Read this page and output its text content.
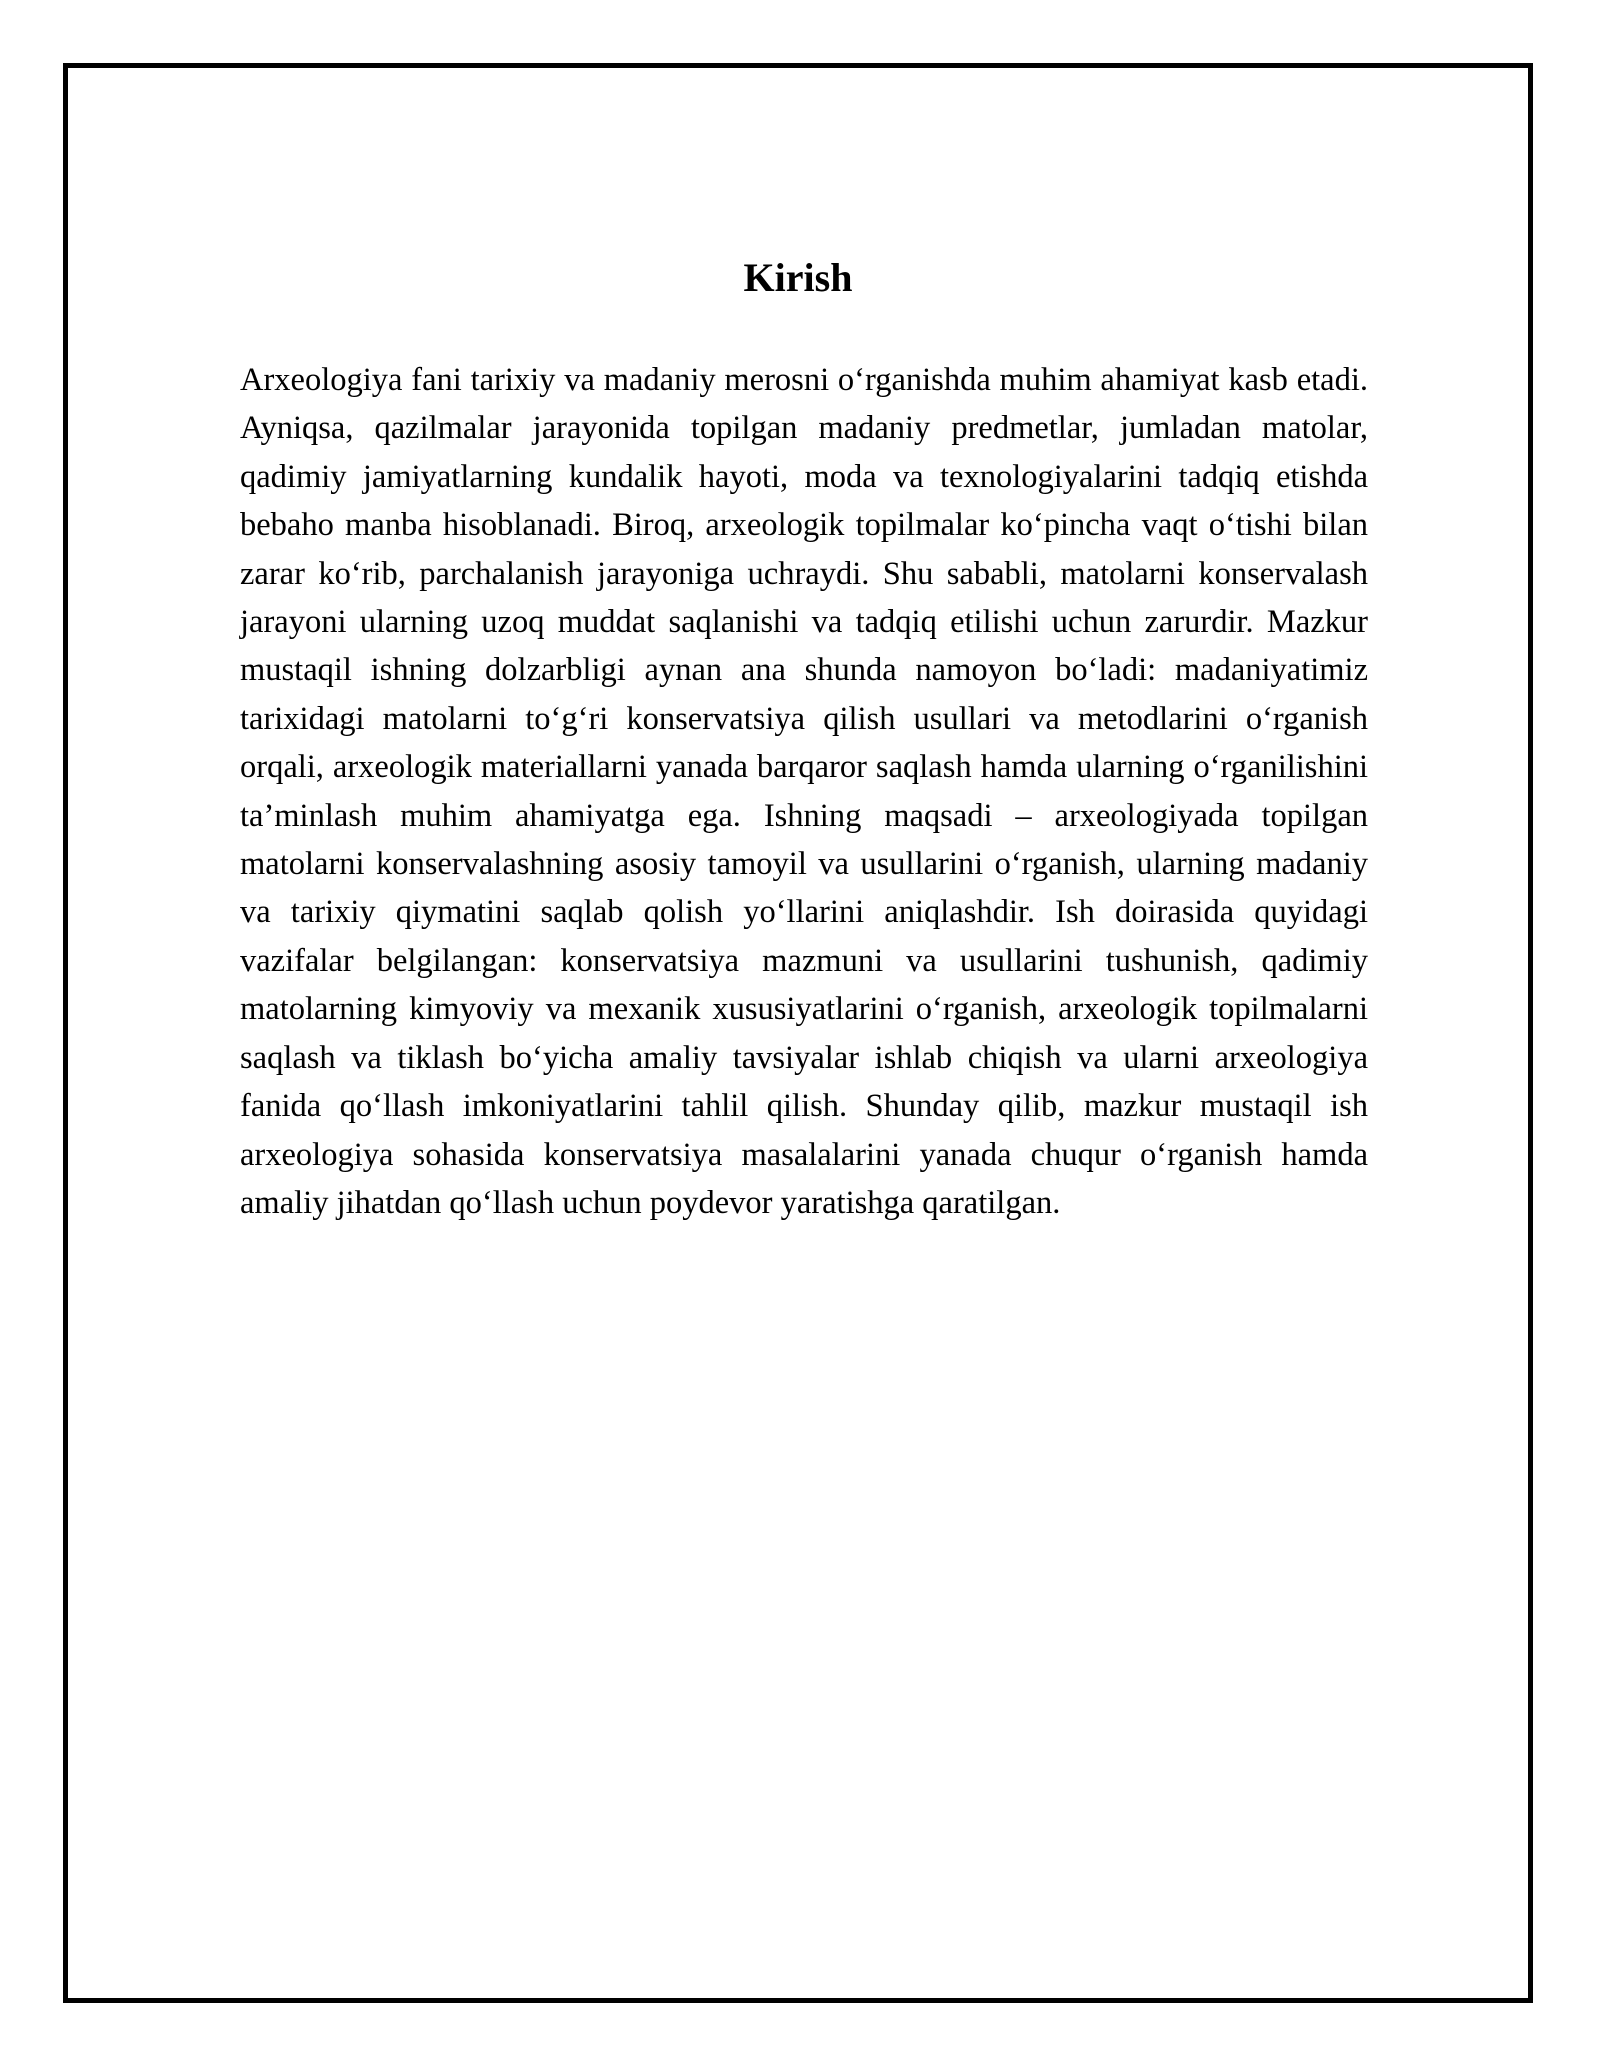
Kirish

Arxeologiya fani tarixiy va madaniy merosni o‘rganishda muhim ahamiyat kasb etadi. Ayniqsa, qazilmalar jarayonida topilgan madaniy predmetlar, jumladan matolar, qadimiy jamiyatlarning kundalik hayoti, moda va texnologiyalarini tadqiq etishda bebaho manba hisoblanadi. Biroq, arxeologik topilmalar ko‘pincha vaqt o‘tishi bilan zarar ko‘rib, parchalanish jarayoniga uchraydi. Shu sababli, matolarni konservalash jarayoni ularning uzoq muddat saqlanishi va tadqiq etilishi uchun zarurdir. Mazkur mustaqil ishning dolzarbligi aynan ana shunda namoyon bo‘ladi: madaniyatimiz tarixidagi matolarni to‘g‘ri konservatsiya qilish usullari va metodlarini o‘rganish orqali, arxeologik materiallarni yanada barqaror saqlash hamda ularning o‘rganilishini ta’minlash muhim ahamiyatga ega. Ishning maqsadi – arxeologiyada topilgan matolarni konservalashning asosiy tamoyil va usullarini o‘rganish, ularning madaniy va tarixiy qiymatini saqlab qolish yo‘llarini aniqlashdir. Ish doirasida quyidagi vazifalar belgilangan: konservatsiya mazmuni va usullarini tushunish, qadimiy matolarning kimyoviy va mexanik xususiyatlarini o‘rganish, arxeologik topilmalarni saqlash va tiklash bo‘yicha amaliy tavsiyalar ishlab chiqish va ularni arxeologiya fanida qo‘llash imkoniyatlarini tahlil qilish. Shunday qilib, mazkur mustaqil ish arxeologiya sohasida konservatsiya masalalarini yanada chuqur o‘rganish hamda amaliy jihatdan qo‘llash uchun poydevor yaratishga qaratilgan.
